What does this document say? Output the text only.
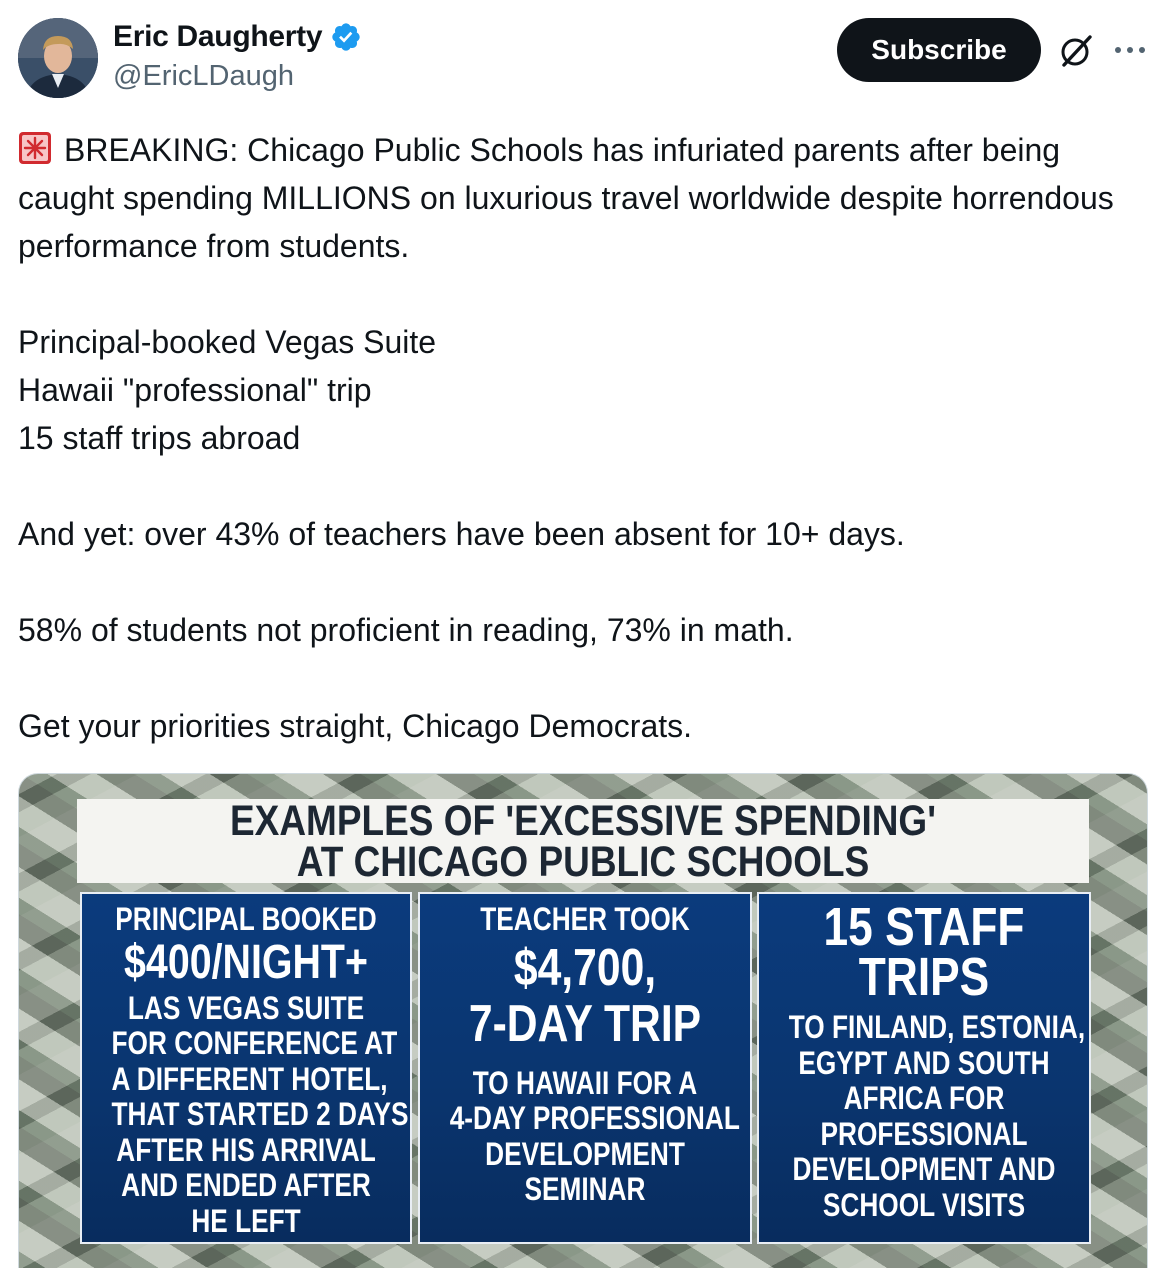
Eric Daugherty
@EricLDaugh
Subscribe

BREAKING: Chicago Public Schools has infuriated parents after being caught spending MILLIONS on luxurious travel worldwide despite horrendous performance from students.

Principal-booked Vegas Suite

Hawaii "professional" trip

15 staff trips abroad

And yet: over 43% of teachers have been absent for 10+ days.

58% of students not proficient in reading, 73% in math.

Get your priorities straight, Chicago Democrats.

EXAMPLES OF 'EXCESSIVE SPENDING'
AT CHICAGO PUBLIC SCHOOLS
PRINCIPAL BOOKED
$400/NIGHT+
LAS VEGAS SUITE
FOR CONFERENCE AT
A DIFFERENT HOTEL,
THAT STARTED 2 DAYS
AFTER HIS ARRIVAL
AND ENDED AFTER
HE LEFT
TEACHER TOOK
$4,700,
7-DAY TRIP
TO HAWAII FOR A
4-DAY PROFESSIONAL
DEVELOPMENT
SEMINAR
15 STAFF
TRIPS
TO FINLAND, ESTONIA,
EGYPT AND SOUTH
AFRICA FOR
PROFESSIONAL
DEVELOPMENT AND
SCHOOL VISITS
